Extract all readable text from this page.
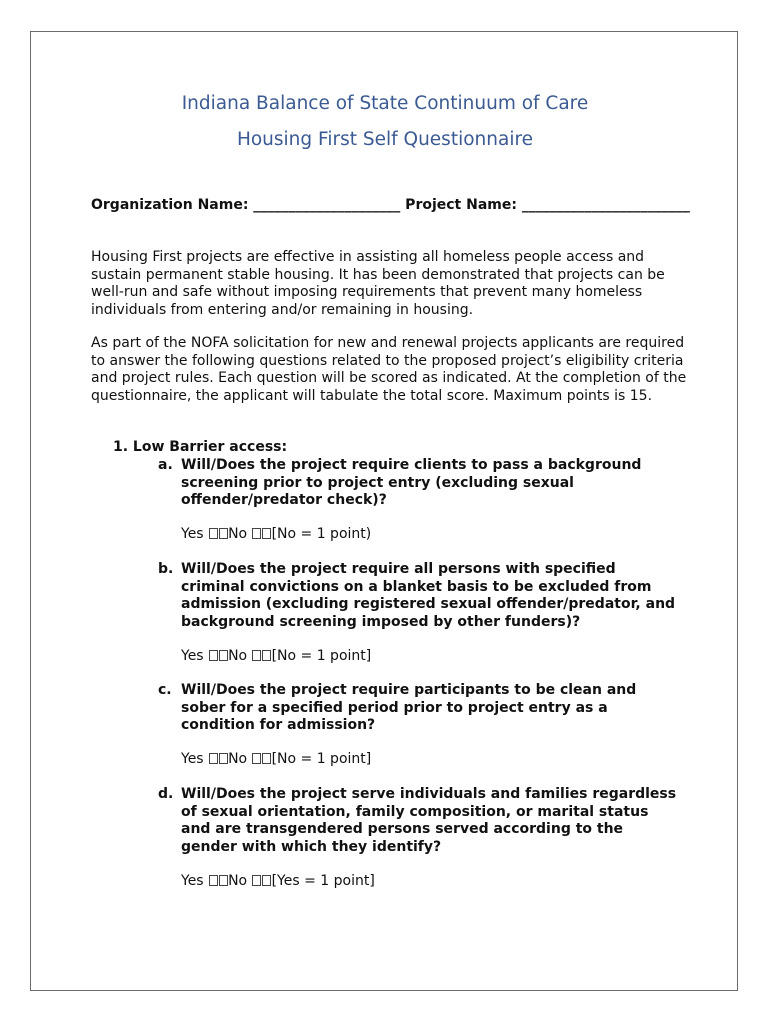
Indiana Balance of State Continuum of Care
Housing First Self Questionnaire
Organization Name: _____________________ Project Name: ________________________
Housing First projects are effective in assisting all homeless people access and sustain permanent stable housing. It has been demonstrated that projects can be well-run and safe without imposing requirements that prevent many homeless individuals from entering and/or remaining in housing.
As part of the NOFA solicitation for new and renewal projects applicants are required to answer the following questions related to the proposed project’s eligibility criteria and project rules. Each question will be scored as indicated. At the completion of the questionnaire, the applicant will tabulate the total score. Maximum points is 15.
1. Low Barrier access:
a. Will/Does the project require clients to pass a background screening prior to project entry (excluding sexual offender/predator check)?
Yes No [No = 1 point)
b. Will/Does the project require all persons with specified criminal convictions on a blanket basis to be excluded from admission (excluding registered sexual offender/predator, and background screening imposed by other funders)?
Yes No [No = 1 point]
c. Will/Does the project require participants to be clean and sober for a specified period prior to project entry as a condition for admission?
Yes No [No = 1 point]
d. Will/Does the project serve individuals and families regardless of sexual orientation, family composition, or marital status and are transgendered persons served according to the gender with which they identify?
Yes No [Yes = 1 point]
